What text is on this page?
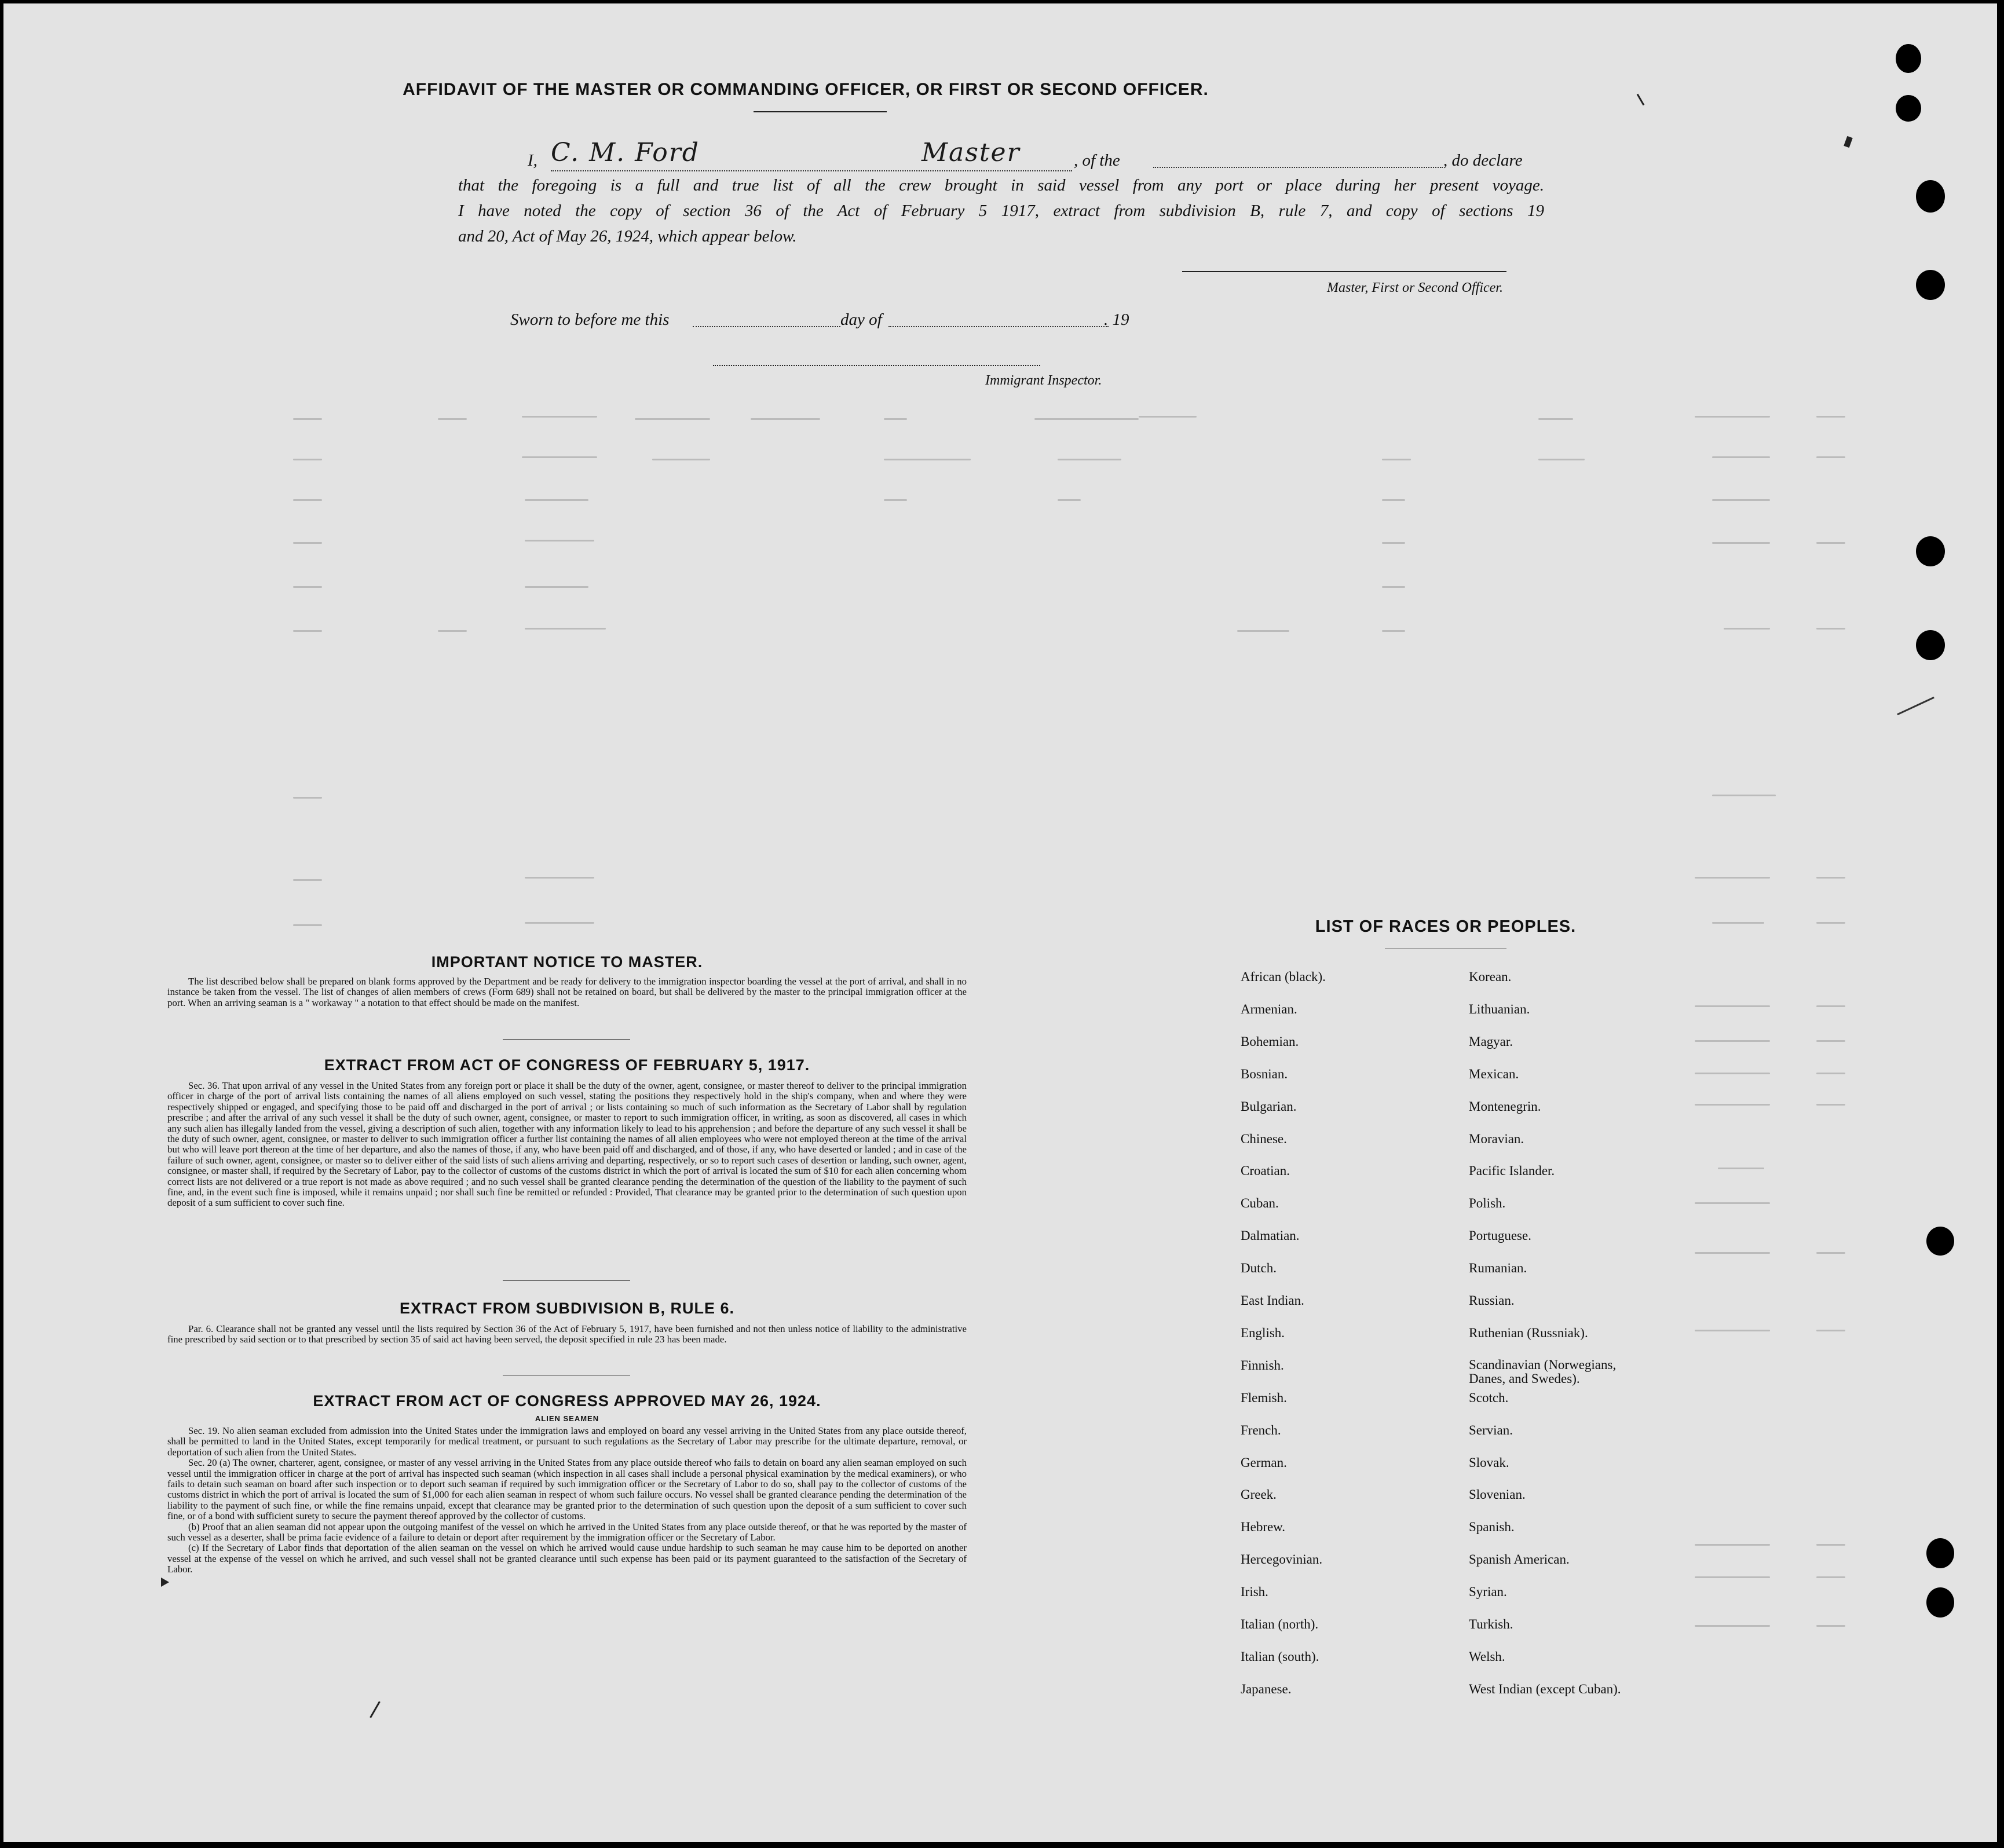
AFFIDAVIT OF THE MASTER OR COMMANDING OFFICER, OR FIRST OR SECOND OFFICER.
I, C. M. Ford	Master	, of the	, do declare
that the foregoing is a full and true list of all the crew brought in said vessel from any port or place during her present voyage.
I have noted the copy of section 36 of the Act of February 5 1917, extract from subdivision B, rule 7, and copy of sections 19
and 20, Act of May 26, 1924, which appear below.
Master, First or Second Officer.
Sworn to before me this	day of	. 19
Immigrant Inspector.
IMPORTANT NOTICE TO MASTER.

The list described below shall be prepared on blank forms approved by the Department and be ready for delivery to the immigration inspector boarding the vessel at the port of arrival, and shall in no instance be taken from the vessel. The list of changes of alien members of crews (Form 689) shall not be retained on board, but shall be delivered by the master to the principal immigration officer at the port. When an arriving seaman is a " workaway " a notation to that effect should be made on the manifest.

EXTRACT FROM ACT OF CONGRESS OF FEBRUARY 5, 1917.

Sec. 36. That upon arrival of any vessel in the United States from any foreign port or place it shall be the duty of the owner, agent, consignee, or master thereof to deliver to the principal immigration officer in charge of the port of arrival lists containing the names of all aliens employed on such vessel, stating the positions they respectively hold in the ship's company, when and where they were respectively shipped or engaged, and specifying those to be paid off and discharged in the port of arrival ; or lists containing so much of such information as the Secretary of Labor shall by regulation prescribe ; and after the arrival of any such vessel it shall be the duty of such owner, agent, consignee, or master to report to such immigration officer, in writing, as soon as discovered, all cases in which any such alien has illegally landed from the vessel, giving a description of such alien, together with any information likely to lead to his apprehension ; and before the departure of any such vessel it shall be the duty of such owner, agent, consignee, or master to deliver to such immigration officer a further list containing the names of all alien employees who were not employed thereon at the time of the arrival but who will leave port thereon at the time of her departure, and also the names of those, if any, who have been paid off and discharged, and of those, if any, who have deserted or landed ; and in case of the failure of such owner, agent, consignee, or master so to deliver either of the said lists of such aliens arriving and departing, respectively, or so to report such cases of desertion or landing, such owner, agent, consignee, or master shall, if required by the Secretary of Labor, pay to the collector of customs of the customs district in which the port of arrival is located the sum of $10 for each alien concerning whom correct lists are not delivered or a true report is not made as above required ; and no such vessel shall be granted clearance pending the determination of the question of the liability to the payment of such fine, and, in the event such fine is imposed, while it remains unpaid ; nor shall such fine be remitted or refunded : Provided, That clearance may be granted prior to the determination of such question upon deposit of a sum sufficient to cover such fine.

EXTRACT FROM SUBDIVISION B, RULE 6.

Par. 6. Clearance shall not be granted any vessel until the lists required by Section 36 of the Act of February 5, 1917, have been furnished and not then unless notice of liability to the administrative fine prescribed by said section or to that prescribed by section 35 of said act having been served, the deposit specified in rule 23 has been made.

EXTRACT FROM ACT OF CONGRESS APPROVED MAY 26, 1924.
ALIEN SEAMEN

Sec. 19. No alien seaman excluded from admission into the United States under the immigration laws and employed on board any vessel arriving in the United States from any place outside thereof, shall be permitted to land in the United States, except temporarily for medical treatment, or pursuant to such regulations as the Secretary of Labor may prescribe for the ultimate departure, removal, or deportation of such alien from the United States.

Sec. 20 (a) The owner, charterer, agent, consignee, or master of any vessel arriving in the United States from any place outside thereof who fails to detain on board any alien seaman employed on such vessel until the immigration officer in charge at the port of arrival has inspected such seaman (which inspection in all cases shall include a personal physical examination by the medical examiners), or who fails to detain such seaman on board after such inspection or to deport such seaman if required by such immigration officer or the Secretary of Labor to do so, shall pay to the collector of customs of the customs district in which the port of arrival is located the sum of $1,000 for each alien seaman in respect of whom such failure occurs. No vessel shall be granted clearance pending the determination of the liability to the payment of such fine, or while the fine remains unpaid, except that clearance may be granted prior to the determination of such question upon the deposit of a sum sufficient to cover such fine, or of a bond with sufficient surety to secure the payment thereof approved by the collector of customs.

(b) Proof that an alien seaman did not appear upon the outgoing manifest of the vessel on which he arrived in the United States from any place outside thereof, or that he was reported by the master of such vessel as a deserter, shall be prima facie evidence of a failure to detain or deport after requirement by the immigration officer or the Secretary of Labor.

(c) If the Secretary of Labor finds that deportation of the alien seaman on the vessel on which he arrived would cause undue hardship to such seaman he may cause him to be deported on another vessel at the expense of the vessel on which he arrived, and such vessel shall not be granted clearance until such expense has been paid or its payment guaranteed to the satisfaction of the Secretary of Labor.

LIST OF RACES OR PEOPLES.
African (black).
Armenian.
Bohemian.
Bosnian.
Bulgarian.
Chinese.
Croatian.
Cuban.
Dalmatian.
Dutch.
East Indian.
English.
Finnish.
Flemish.
French.
German.
Greek.
Hebrew.
Hercegovinian.
Irish.
Italian (north).
Italian (south).
Japanese.
Korean.
Lithuanian.
Magyar.
Mexican.
Montenegrin.
Moravian.
Pacific Islander.
Polish.
Portuguese.
Rumanian.
Russian.
Ruthenian (Russniak).
Scandinavian (Norwegians, Danes, and Swedes).
Scotch.
Servian.
Slovak.
Slovenian.
Spanish.
Spanish American.
Syrian.
Turkish.
Welsh.
West Indian (except Cuban).
